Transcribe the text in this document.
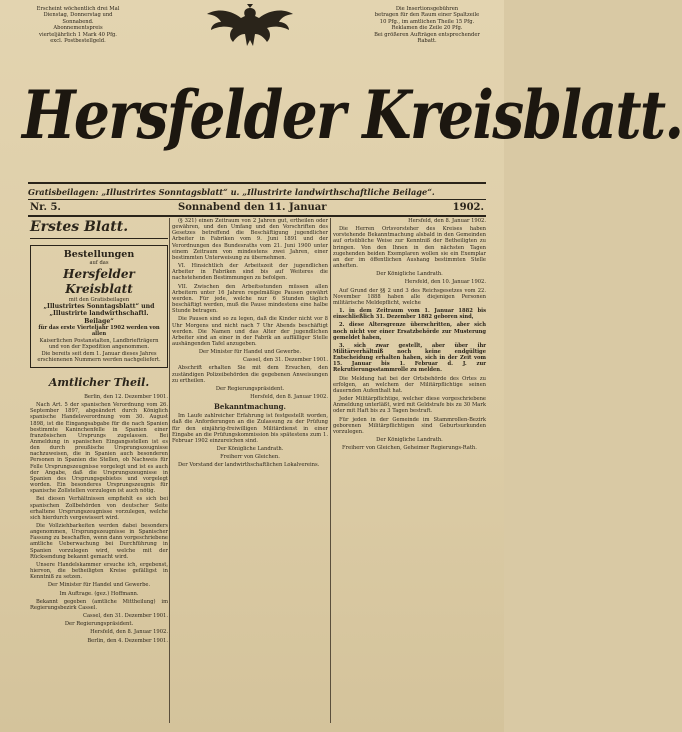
Erscheint wöchentlich drei Mal
Dienstag, Donnerstag und Sonnabend.
Abonnementspreis
vierteljährlich 1 Mark 40 Pfg.
excl. Postbestellgeld.
Die Insertionsgebühren
betragen für den Raum einer Spaltzeile
10 Pfg., im amtlichen Theile 15 Pfg.
Reklamen die Zeile 20 Pfg.
Bei größeren Aufträgen entsprechender
Rabatt.
Hersfelder Kreisblatt.
Gratisbeilagen: „Illustrirtes Sonntagsblatt“ u. „Illustrirte landwirthschaftliche Beilage“.
Nr. 5.	Sonnabend den 11. Januar	1902.
Erstes Blatt.
Bestellungen
auf das
Hersfelder Kreisblatt
mit den Gratisbeilagen
„Illustrirtes Sonntagsblatt“ und
„Illustrirte landwirthschaftl. Beilage“
für das erste Vierteljahr 1902 werden von allen
Kaiserlichen Postanstalten, Landbriefträgern und von der Expedition angenommen.
Die bereits seit dem 1. Januar dieses Jahres erschienenen Nummern werden nachgeliefert.
Amtlicher Theil.

Berlin, den 12. Dezember 1901.

Nach Art. 5 der spanischen Verordnung vom 26. September 1897, abgeändert durch Königlich spanische Handelsverordnung vom 30. August 1898, ist die Eingangsabgabe für die nach Spanien bestimmte Kaninchenfelle in Spanien einer französischen Ursprungs zugelassen. Bei Anmeldung in spanischen Eingangsstellen ist es den durch preußische Ursprungszeugnisse nachzuweisen, die in Spanien auch besonderen Personen in Spanien die Stellen, ob Nachweis für Felle Ursprungszeugnisse vorgelegt und ist es auch der Angabe, daß die Ursprungszeugnisse in Spanien des Ursprungsgebietes und vorgelegt worden. Ein besonderes Ursprungszeugnis für spanische Zollstellen vorzulegen ist auch nötig.

Bei diesen Verhältnissen empfiehlt es sich bei spanischen Zollbehörden von deutscher Seite erhaltene Ursprungszeugnisse vorzulegen, welche sich hierdurch vergewissert wird.

Die Vollziehbarkeiten werden dabei besonders angenommen, Ursprungszeugnisse in Spanischer Fassung zu beschaffen, wenn dann vorgeschriebene amtliche Ueberwachung bei Durchführung in Spanien vorzulegen wird, welche mit der Rücksendung bekannt gemacht wird.

Unsere Handelskammer ersuche ich, ergebenst, hiervon, die betheiligten Kreise gefälligst in Kenntniß zu setzen.

Der Minister für Handel und Gewerbe.

Im Auftrage. (gez.) Hoffmann.

Bekannt gegeben (amtliche Mittheilung) im Regierungsbezirk Cassel.

Cassel, den 31. Dezember 1901.

Der Regierungspräsident.

Hersfeld, den 8. Januar 1902.

Berlin, den 4. Dezember 1901.

(§ 321) einen Zeitraum von 2 Jahren gut, ertheilen oder gewähren, und den Umfang und den Vorschriften des Gesetzes betreffend die Beschäftigung jugendlicher Arbeiter in Fabriken vom 9. Juni 1891 und der Verordnungen des Bundesraths vom 21. Juni 1900 unter einem Zeitraum von mindestens zwei Jahren, einer bestimmten Unterweisung zu übernehmen.

VI. Hinsichtlich der Arbeitszeit der jugendlichen Arbeiter in Fabriken sind bis auf Weiteres die nachstehenden Bestimmungen zu befolgen.

VII. Zwischen den Arbeitsstunden müssen allen Arbeitern unter 16 Jahren regelmäßige Pausen gewährt werden. Für jede, welche nur 6 Stunden täglich beschäftigt werden, muß die Pause mindestens eine halbe Stunde betragen.

Die Pausen sind so zu legen, daß die Kinder nicht vor 8 Uhr Morgens und nicht nach 7 Uhr Abends beschäftigt werden. Die Namen und das Alter der jugendlichen Arbeiter sind an einer in der Fabrik an auffälliger Stelle aushängenden Tafel anzugeben.

Der Minister für Handel und Gewerbe.

Cassel, den 31. Dezember 1901.

Abschrift erhalten Sie mit dem Ersuchen, den zuständigen Polizeibehörden die gegebenen Anweisungen zu ertheilen.

Der Regierungspräsident.

Hersfeld, den 8. Januar 1902.

Bekanntmachung.

Im Laufe zahlreicher Erfahrung ist festgestellt worden, daß die Anforderungen an die Zulassung zu der Prüfung für den einjährig-freiwilligen Militärdienst in einer Eingabe an die Prüfungskommission bis spätestens zum 1. Februar 1902 einzureichen sind.

Der Königliche Landrath.

Freiherr von Gleichen.

Der Vorstand der landwirthschaftlichen Lokalvereins.

Hersfeld, den 8. Januar 1902.

Die Herren Ortsvorsteher des Kreises haben vorstehende Bekanntmachung alsbald in den Gemeinden auf ortsübliche Weise zur Kenntniß der Betheiligten zu bringen. Von den Ihnen in den nächsten Tagen zugehenden beiden Exemplaren wollen sie ein Exemplar an der im öffentlichen Aushang bestimmten Stelle anheften.

Der Königliche Landrath.

Hersfeld, den 10. Januar 1902.

Auf Grund der §§ 2 und 3 des Reichsgesetzes vom 22. November 1888 haben alle diejenigen Personen militärische Meldepflicht, welche

1. in dem Zeitraum vom 1. Januar 1882 bis einschließlich 31. Dezember 1882 geboren sind,

2. diese Altersgrenze überschritten, aber sich noch nicht vor einer Ersatzbehörde zur Musterung gemeldet haben,

3. sich zwar gestellt, aber über ihr Militärverhältniß noch keine endgültige Entscheidung erhalten haben, sich in der Zeit vom 15. Januar bis 1. Februar d. J. zur Rekrutierungsstammrolle zu melden.

Die Meldung hat bei der Ortsbehörde des Ortes zu erfolgen, an welchem der Militärpflichtige seinen dauernden Aufenthalt hat.

Jeder Militärpflichtige, welcher diese vorgeschriebene Anmeldung unterläßt, wird mit Geldstrafe bis zu 30 Mark oder mit Haft bis zu 3 Tagen bestraft.

Für jeden in der Gemeinde im Stammrollen-Bezirk geborenen Militärpflichtigen sind Geburtsurkunden vorzulegen.

Der Königliche Landrath.

Freiherr von Gleichen, Geheimer Regierungs-Rath.
